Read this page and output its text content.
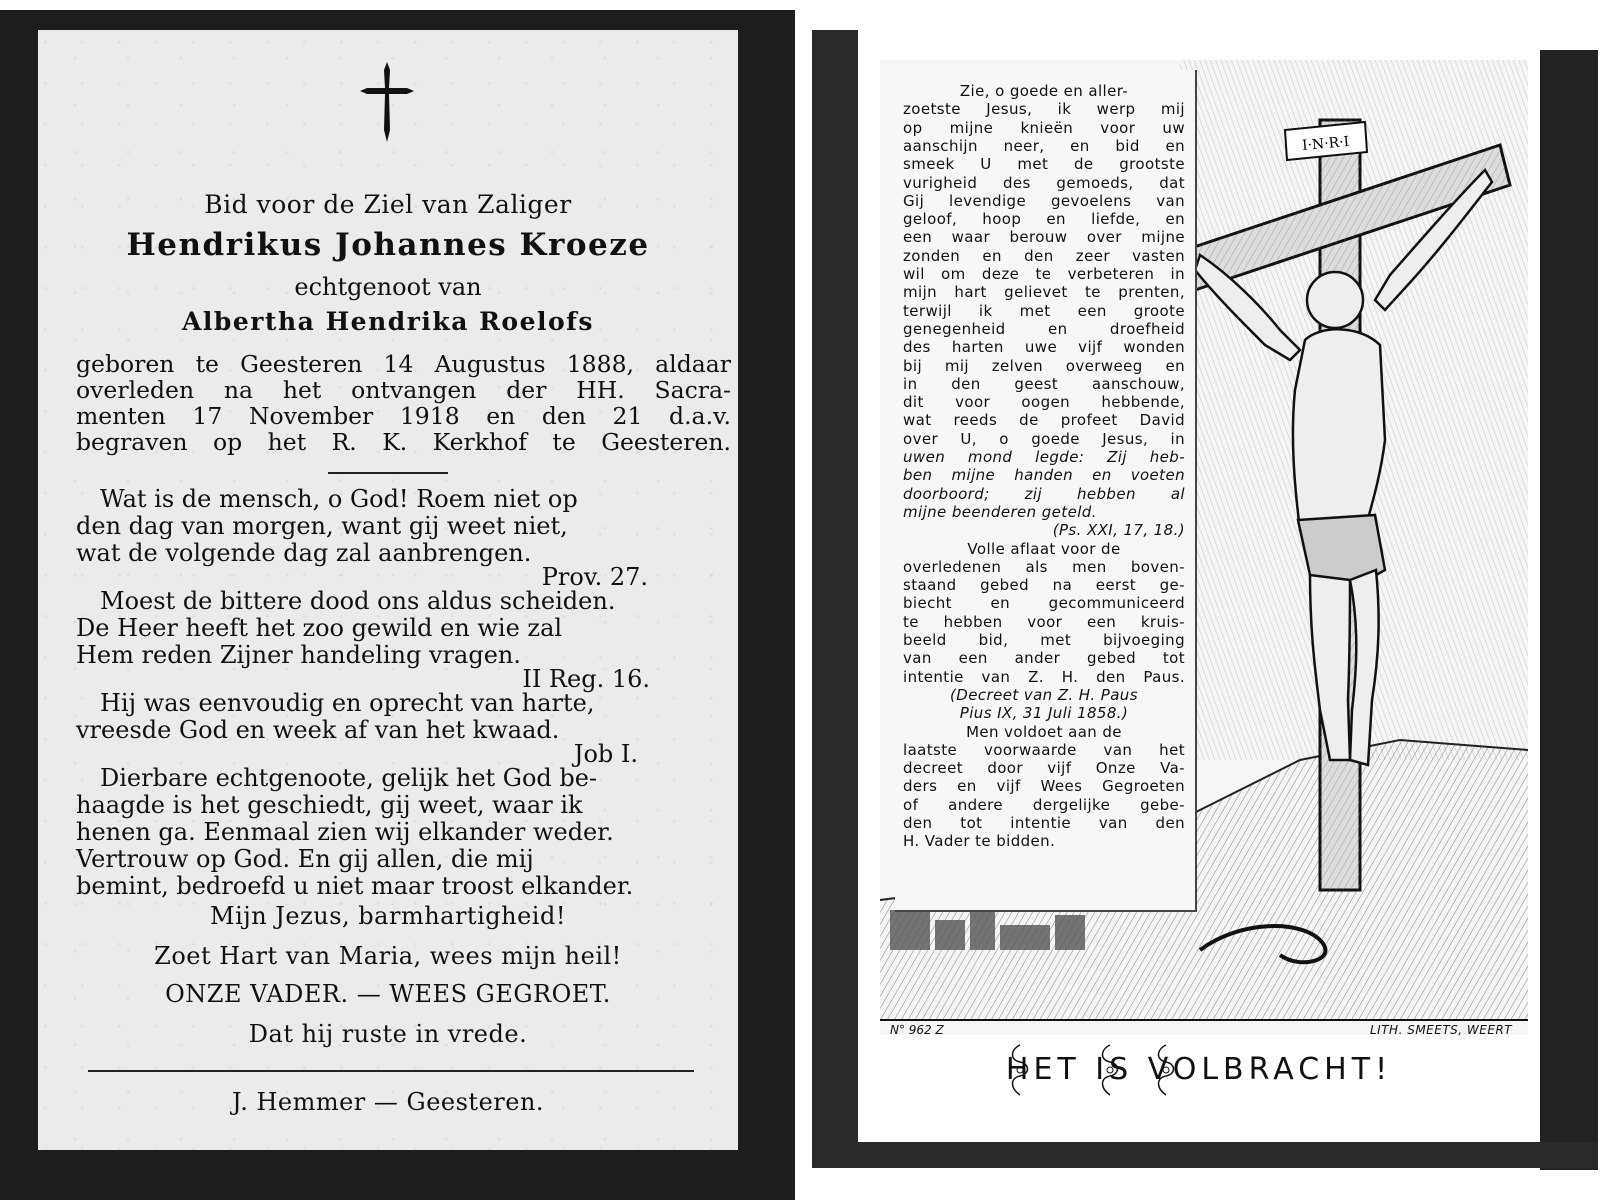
Bid voor de Ziel van Zaliger
Hendrikus Johannes Kroeze
echtgenoot van
Albertha Hendrika Roelofs
geboren te Geesteren 14 Augustus 1888, aldaar
overleden na het ontvangen der HH. Sacra-
menten 17 November 1918 en den 21 d.a.v.
begraven op het R. K. Kerkhof te Geesteren.
Wat is de mensch, o God! Roem niet op
den dag van morgen, want gij weet niet,
wat de volgende dag zal aanbrengen.
Prov. 27.
Moest de bittere dood ons aldus scheiden.
De Heer heeft het zoo gewild en wie zal
Hem reden Zijner handeling vragen.
II Reg. 16.
Hij was eenvoudig en oprecht van harte,
vreesde God en week af van het kwaad.
Job I.
Dierbare echtgenoote, gelijk het God be-
haagde is het geschiedt, gij weet, waar ik
henen ga. Eenmaal zien wij elkander weder.
Vertrouw op God. En gij allen, die mij
bemint, bedroefd u niet maar troost elkander.
Mijn Jezus, barmhartigheid!
Zoet Hart van Maria, wees mijn heil!
ONZE VADER. — WEES GEGROET.
Dat hij ruste in vrede.
J. Hemmer — Geesteren.
I·N·R·I
Zie, o goede en aller-
zoetste Jesus, ik werp mij
op mijne knieën voor uw
aanschijn neer, en bid en
smeek U met de grootste
vurigheid des gemoeds, dat
Gij levendige gevoelens van
geloof, hoop en liefde, en
een waar berouw over mijne
zonden en den zeer vasten
wil om deze te verbeteren in
mijn hart gelievet te prenten,
terwijl ik met een groote
genegenheid en droefheid
des harten uwe vijf wonden
bij mij zelven overweeg en
in den geest aanschouw,
dit voor oogen hebbende,
wat reeds de profeet David
over U, o goede Jesus, in
uwen mond legde: Zij heb-
ben mijne handen en voeten
doorboord; zij hebben al
mijne beenderen geteld.
(Ps. XXI, 17, 18.)
Volle aflaat voor de
overledenen als men boven-
staand gebed na eerst ge-
biecht en gecommuniceerd
te hebben voor een kruis-
beeld bid, met bijvoeging
van een ander gebed tot
intentie van Z. H. den Paus.
(Decreet van Z. H. Paus
Pius IX, 31 Juli 1858.)
Men voldoet aan de
laatste voorwaarde van het
decreet door vijf Onze Va-
ders en vijf Wees Gegroeten
of andere dergelijke gebe-
den tot intentie van den
H. Vader te bidden.
N° 962 Z	LITH. SMEETS, WEERT
HET IS VOLBRACHT!
